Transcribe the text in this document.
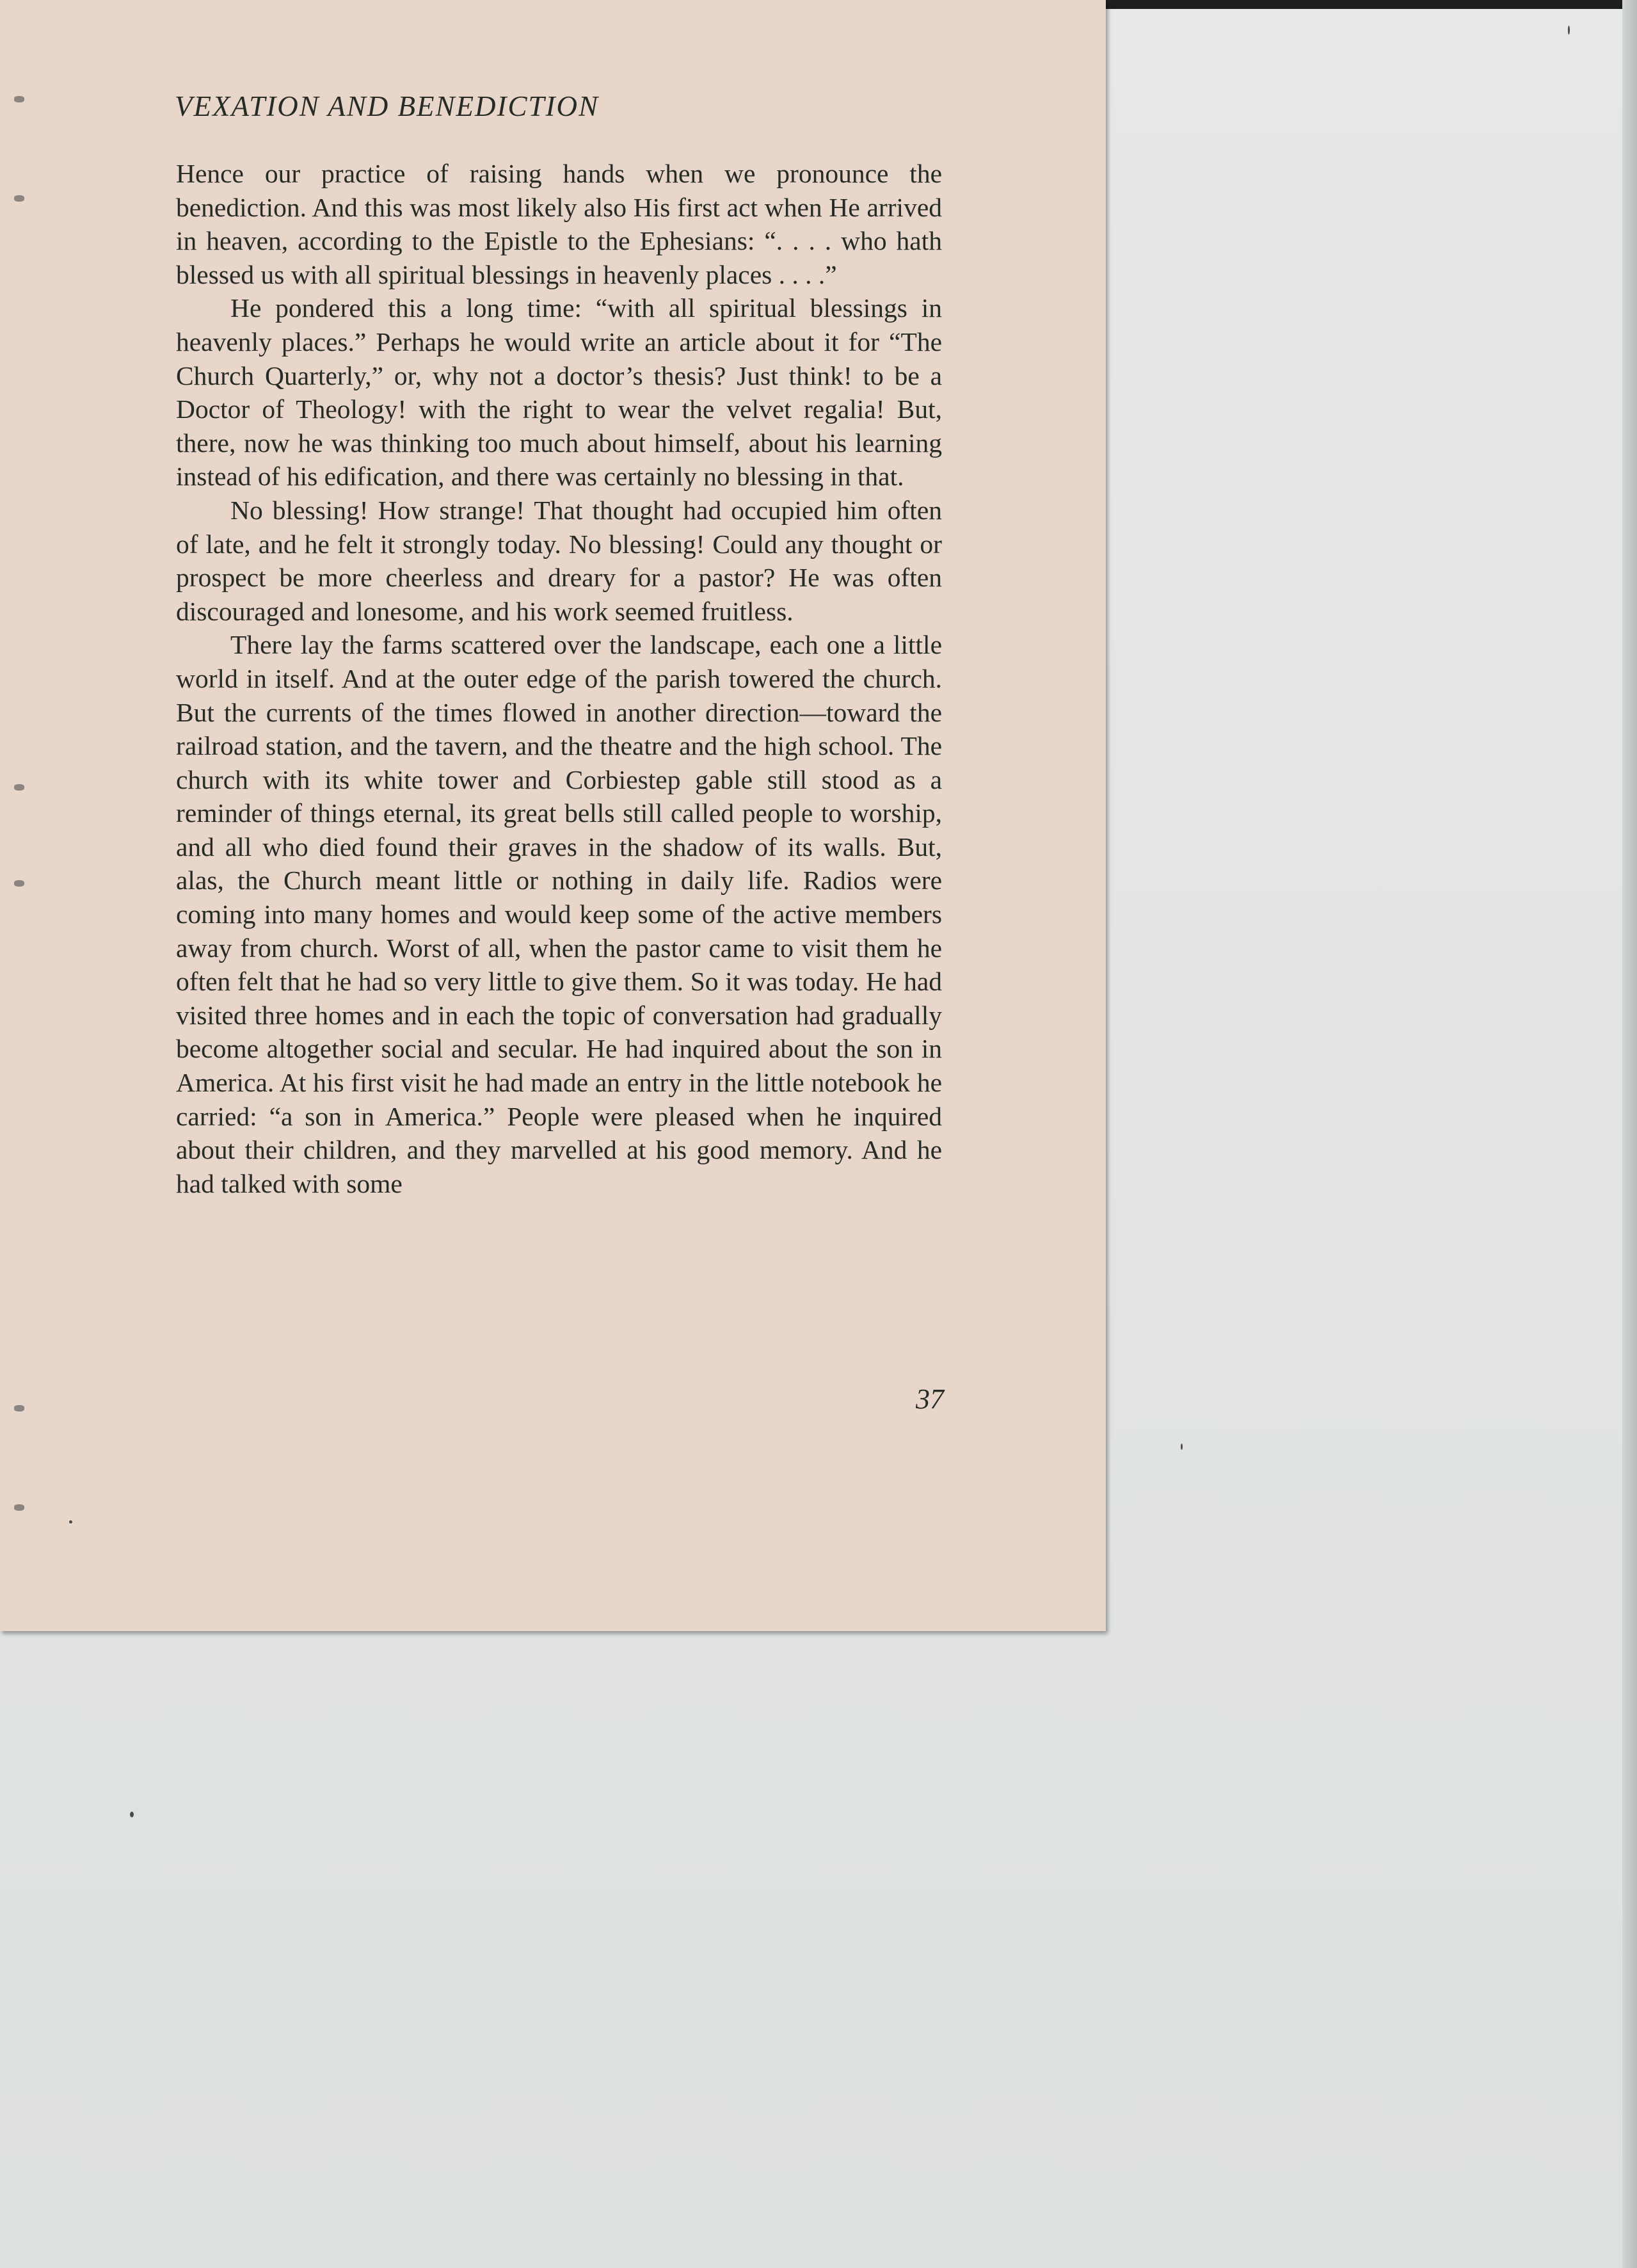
VEXATION AND BENEDICTION

Hence our practice of raising hands when we pronounce the benediction. And this was most likely also His first act when He arrived in heaven, according to the Epistle to the Ephesians: “. . . . who hath blessed us with all spiritual blessings in heavenly places . . . .”

He pondered this a long time: “with all spiritual blessings in heavenly places.” Perhaps he would write an article about it for “The Church Quarterly,” or, why not a doctor’s thesis? Just think! to be a Doctor of Theology! with the right to wear the velvet regalia! But, there, now he was thinking too much about himself, about his learning instead of his edification, and there was certainly no blessing in that.

No blessing! How strange! That thought had occupied him often of late, and he felt it strongly today. No blessing! Could any thought or prospect be more cheerless and dreary for a pastor? He was often discouraged and lonesome, and his work seemed fruitless.

There lay the farms scattered over the landscape, each one a little world in itself. And at the outer edge of the parish towered the church. But the currents of the times flowed in another direction—toward the railroad station, and the tavern, and the theatre and the high school. The church with its white tower and Corbiestep gable still stood as a reminder of things eternal, its great bells still called people to worship, and all who died found their graves in the shadow of its walls. But, alas, the Church meant little or nothing in daily life. Radios were coming into many homes and would keep some of the active members away from church. Worst of all, when the pastor came to visit them he often felt that he had so very little to give them. So it was today. He had visited three homes and in each the topic of conversation had gradually become altogether social and secular. He had inquired about the son in America. At his first visit he had made an entry in the little notebook he carried: “a son in America.” People were pleased when he inquired about their children, and they marvelled at his good memory. And he had talked with some

37
